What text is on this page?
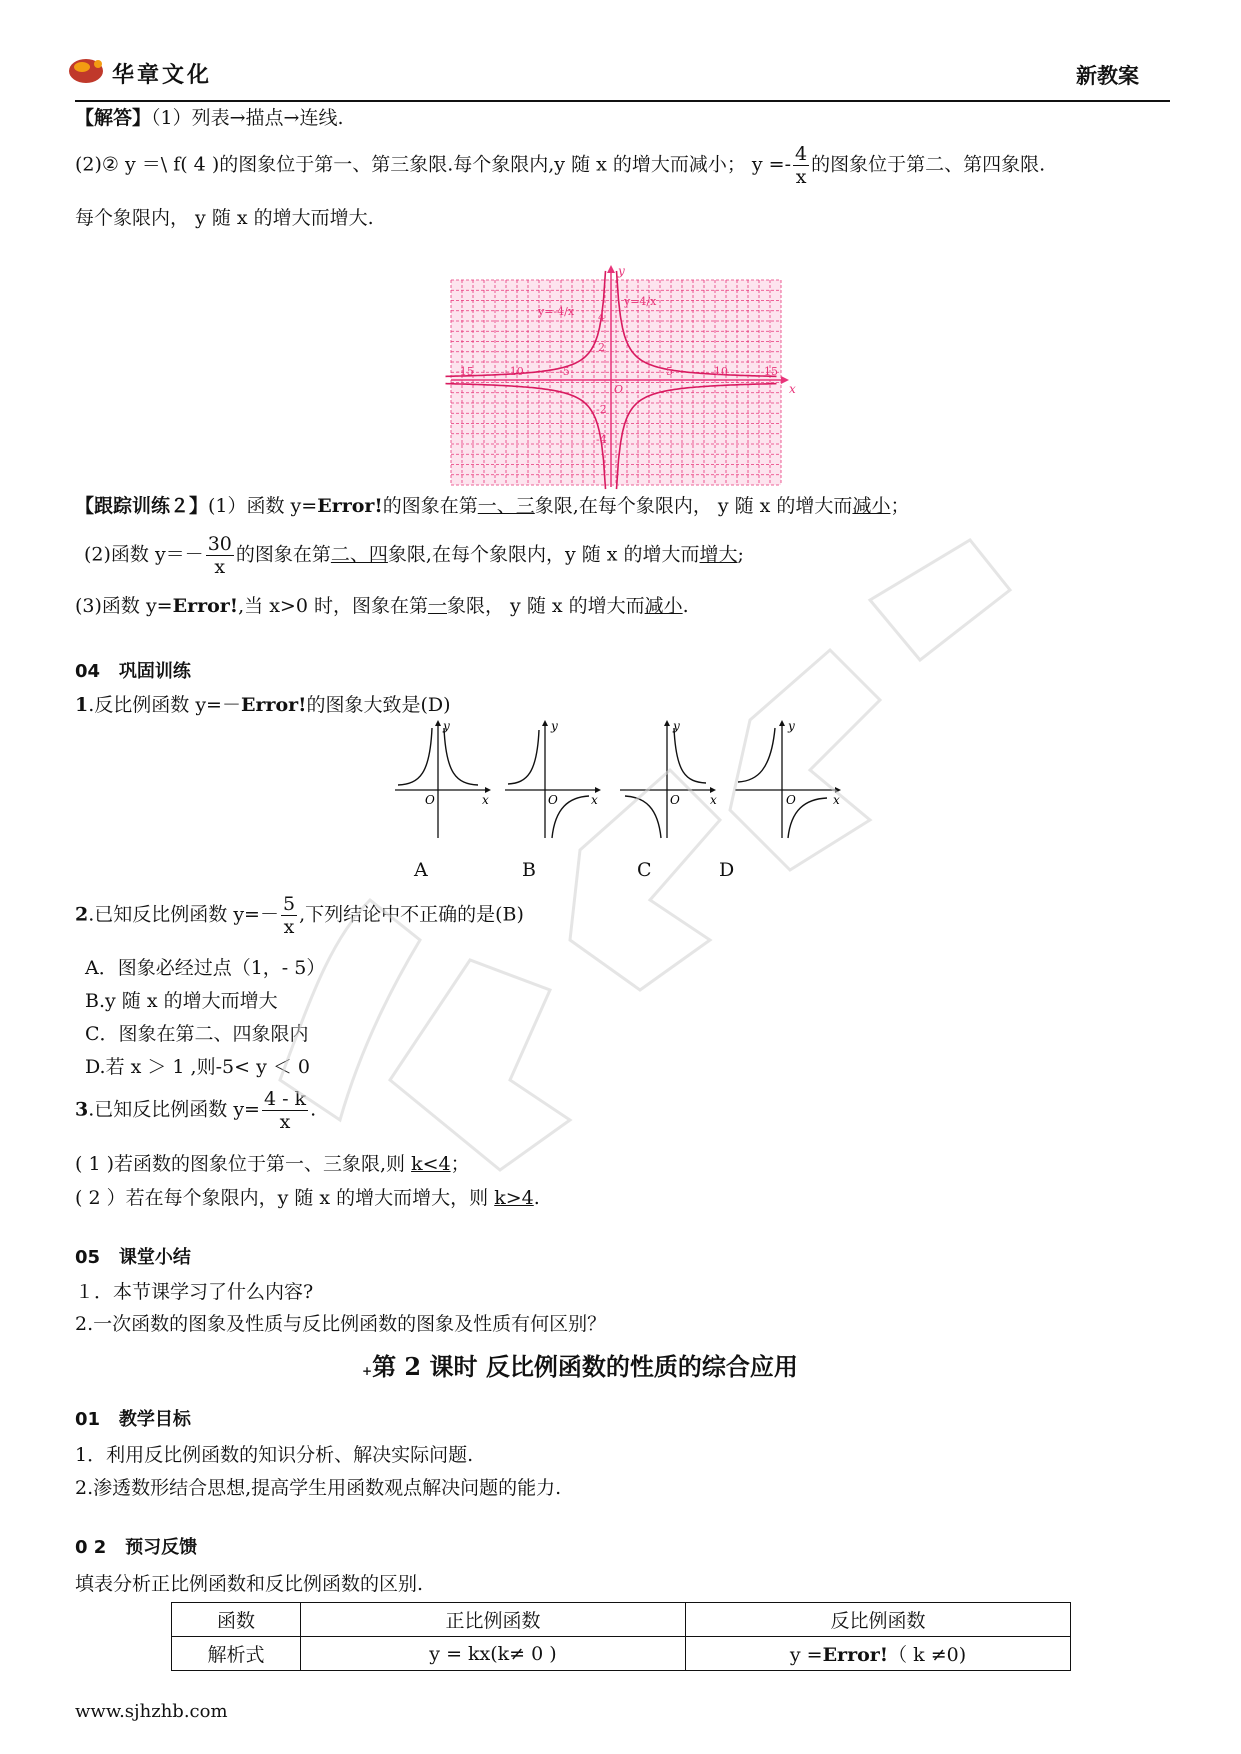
华章文化	新教案
【解答】（1）列表→描点→连线.
(2)② y ＝\ f( 4 )的图象位于第一、第三象限.每个象限内,y 随 x 的增大而减小； $y =- \frac{4}{x}$ 的图象位于第二、第四象限.
每个象限内， y 随 x 的增大而增大.
x
y
O
-15	-10	-5	5	10	15
4
2
-2
-4
y=-4/x
y=4/x
【跟踪训练２】(1）函数 y=Error!的图象在第一、三象限,在每个象限内， y 随 x 的增大而减小；
(2)函数 $y=- \frac{30}{x}$ 的图象在第二、四象限,在每个象限内，y 随 x 的增大而增大;
(3)函数 y=Error!,当 x>0 时，图象在第一象限， y 随 x 的增大而减小.
04 巩固训练
1.反比例函数 y=－Error!的图象大致是(D)
O	x
y
O	x
y
O	x
y
O	x
y
A	B	C	D
2.已知反比例函数 $y=- \frac{5}{x}$ ,下列结论中不正确的是(B)
A．图象必经过点（1，- 5）
B.y 随 x 的增大而增大
C．图象在第二、四象限内
D.若 x ＞ 1 ,则-5< y ＜ 0
3.已知反比例函数 $y= \frac{4 - k}{x}$ .
( 1 )若函数的图象位于第一、三象限,则 k<4；
( 2 ）若在每个象限内，y 随 x 的增大而增大，则 k>4.
05 课堂小结
１．本节课学习了什么内容?
2.一次函数的图象及性质与反比例函数的图象及性质有何区别？
+第 2 课时 反比例函数的性质的综合应用
01 教学目标
1．利用反比例函数的知识分析、解决实际问题.
2.渗透数形结合思想,提高学生用函数观点解决问题的能力.
0 2 预习反馈
填表分析正比例函数和反比例函数的区别.
函数	正比例函数	反比例函数
解析式	y = kx(k≠ 0 )	y =Error!（ k ≠0)
www.sjhzhb.com
